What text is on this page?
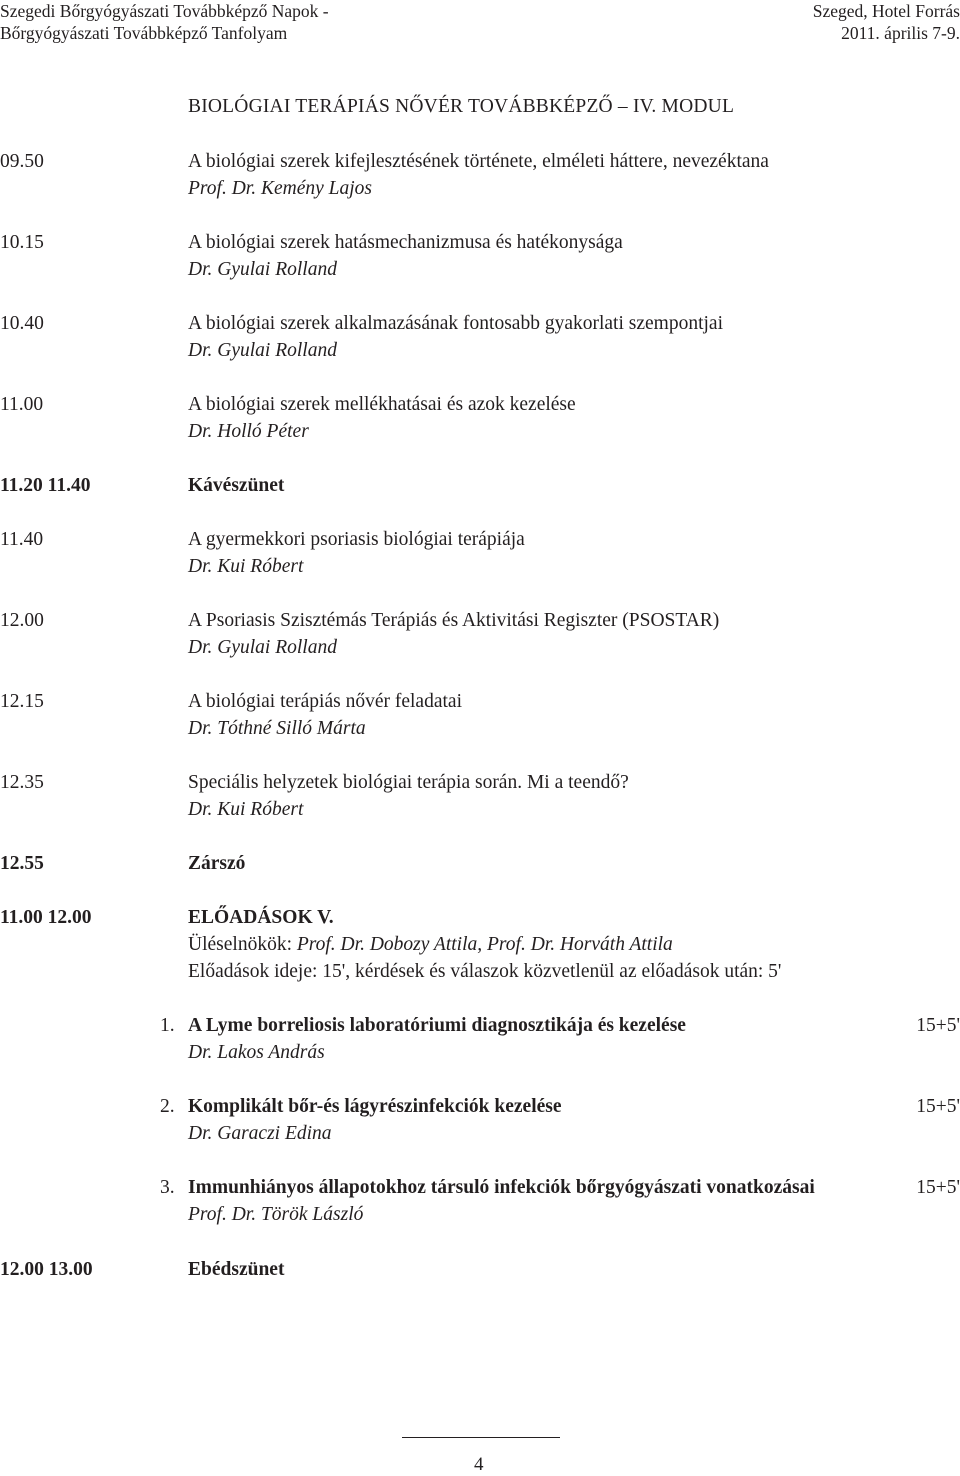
Szegedi Bőrgyógyászati Továbbképző Napok -
Bőrgyógyászati Továbbképző Tanfolyam
Szeged, Hotel Forrás
2011. április 7-9.
BIOLÓGIAI TERÁPIÁS NŐVÉR TOVÁBBKÉPZŐ – IV. MODUL
09.50	A biológiai szerek kifejlesztésének története, elméleti háttere, nevezéktana
Prof. Dr. Kemény Lajos
10.15	A biológiai szerek hatásmechanizmusa és hatékonysága
Dr. Gyulai Rolland
10.40	A biológiai szerek alkalmazásának fontosabb gyakorlati szempontjai
Dr. Gyulai Rolland
11.00	A biológiai szerek mellékhatásai és azok kezelése
Dr. Holló Péter
11.20 11.40	Kávészünet
11.40	A gyermekkori psoriasis biológiai terápiája
Dr. Kui Róbert
12.00	A Psoriasis Szisztémás Terápiás és Aktivitási Regiszter (PSOSTAR)
Dr. Gyulai Rolland
12.15	A biológiai terápiás nővér feladatai
Dr. Tóthné Silló Márta
12.35	Speciális helyzetek biológiai terápia során. Mi a teendő?
Dr. Kui Róbert
12.55	Zárszó
11.00 12.00	ELŐADÁSOK V.
Üléselnökök: Prof. Dr. Dobozy Attila, Prof. Dr. Horváth Attila
Előadások ideje: 15', kérdések és válaszok közvetlenül az előadások után: 5'
1. A Lyme borreliosis laboratóriumi diagnosztikája és kezelése	15+5'
Dr. Lakos András
2. Komplikált bőr-és lágyrészinfekciók kezelése	15+5'
Dr. Garaczi Edina
3. Immunhiányos állapotokhoz társuló infekciók bőrgyógyászati vonatkozásai	15+5'
Prof. Dr. Török László
12.00 13.00	Ebédszünet
4
